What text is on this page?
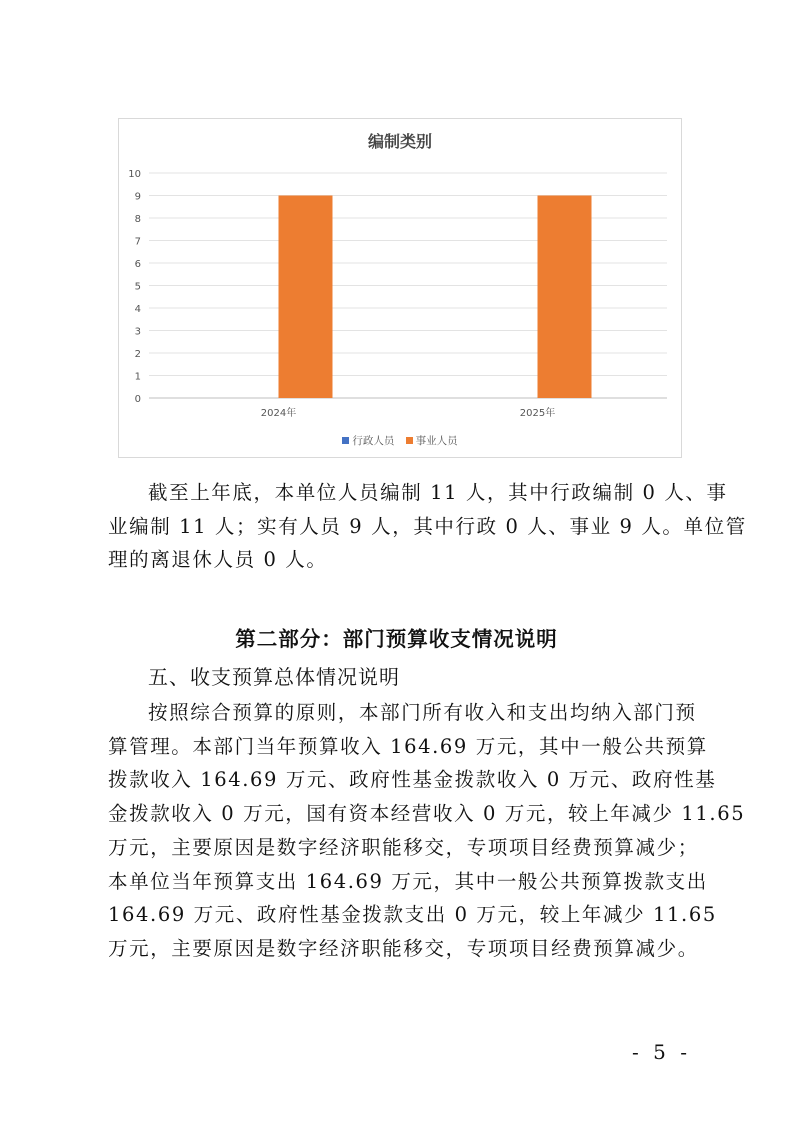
编制类别
0
1
2
3
4
5
6
7
8
9
10
2024年	2025年
行政人员 事业人员

截至上年底，本单位人员编制 11 人，其中行政编制 0 人、事
业编制 11 人；实有人员 9 人，其中行政 0 人、事业 9 人。单位管
理的离退休人员 0 人。

第二部分：部门预算收支情况说明
五、收支预算总体情况说明

按照综合预算的原则，本部门所有收入和支出均纳入部门预
算管理。本部门当年预算收入 164.69 万元，其中一般公共预算
拨款收入 164.69 万元、政府性基金拨款收入 0 万元、政府性基
金拨款收入 0 万元，国有资本经营收入 0 万元，较上年减少 11.65
万元，主要原因是数字经济职能移交，专项项目经费预算减少；
本单位当年预算支出 164.69 万元，其中一般公共预算拨款支出
164.69 万元、政府性基金拨款支出 0 万元，较上年减少 11.65
万元，主要原因是数字经济职能移交，专项项目经费预算减少。

- 5 -
